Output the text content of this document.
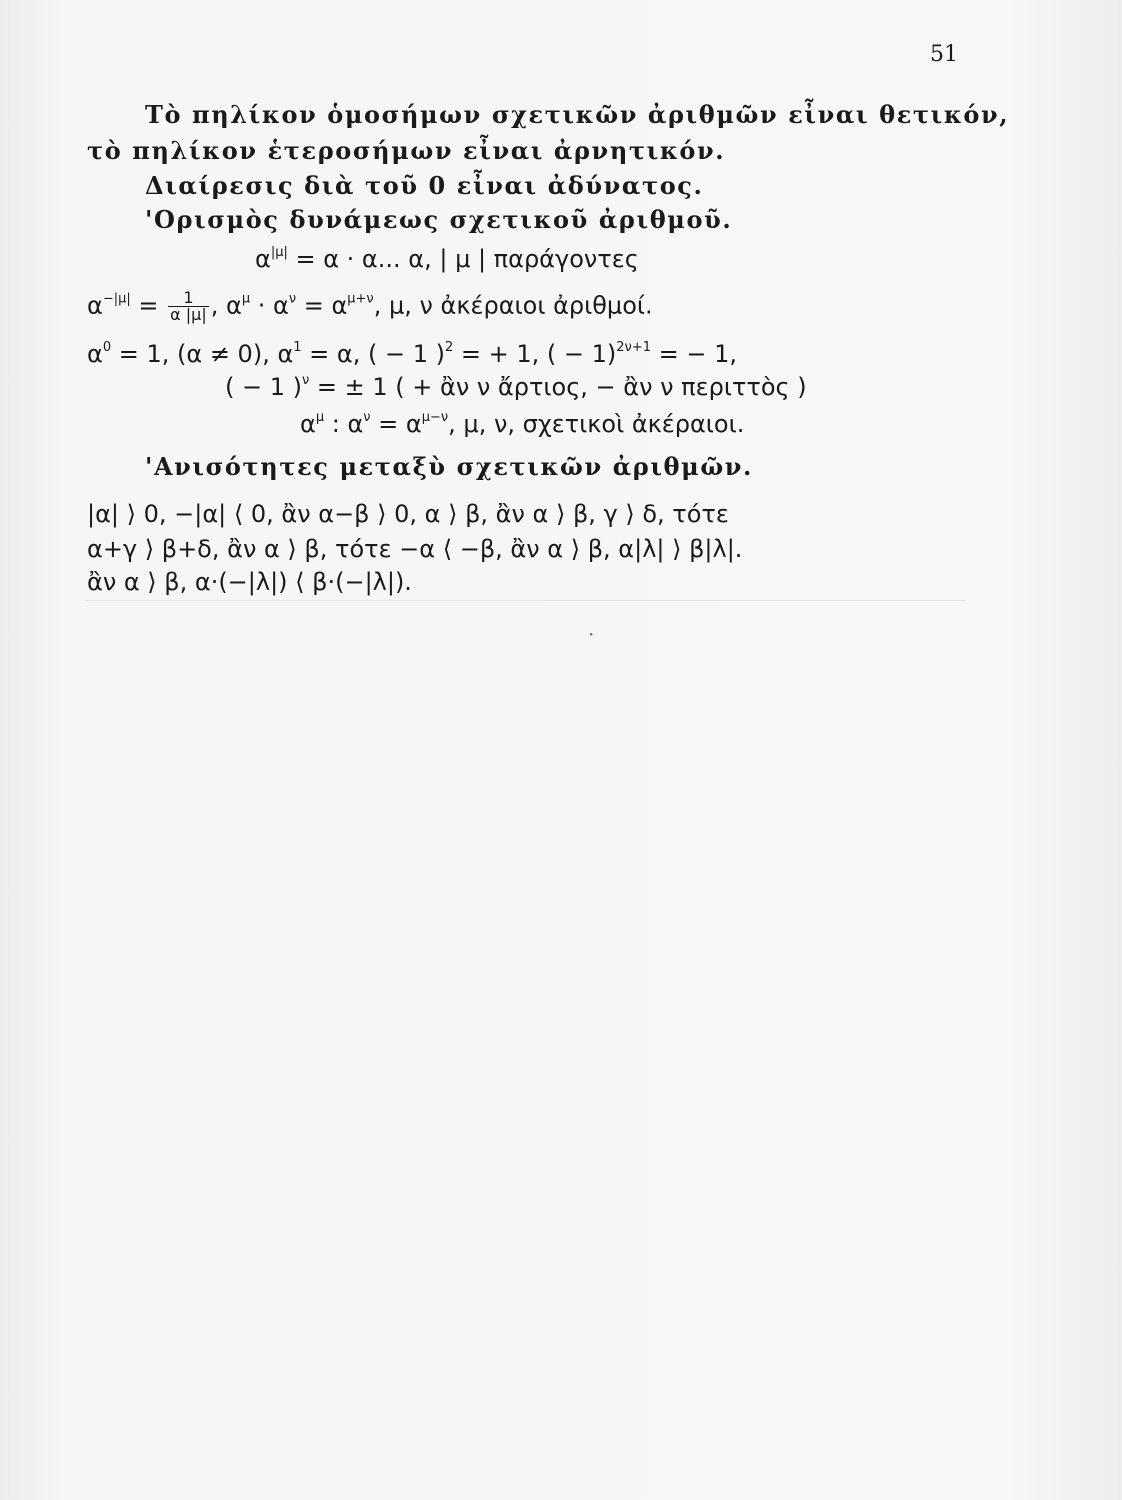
51
Τὸ πηλίκον ὁμοσήμων σχετικῶν ἀριθμῶν εἶναι θετικόν,
τὸ πηλίκον ἑτεροσήμων εἶναι ἀρνητικόν.
Διαίρεσις διὰ τοῦ 0 εἶναι ἀδύνατος.
'Ορισμὸς δυνάμεως σχετικοῦ ἀριθμοῦ.
$\alpha^{|\mu|} = \alpha \cdot \alpha$... α, | μ | παράγοντες
$\alpha^{-|\mu|} = \frac{1}{\alpha |\mu|}$ , $\alpha^\mu \cdot \alpha^\nu = \alpha^{\mu+\nu}$, μ, ν ἀκέραιοι ἀριθμοί.
$\alpha^0 = 1$, (α ≠ 0), $\alpha^1 = \alpha$, ( − 1 )$^2$ = + 1, ( − 1)$^{2\nu+1}$ = − 1,
( − 1 )$^\nu$ = ± 1 ( + ἂν ν ἄρτιος, − ἂν ν περιττὸς )
$\alpha^\mu$ : $\alpha^\nu = \alpha^{\mu-\nu}$, μ, ν, σχετικοὶ ἀκέραιοι.
'Ανισότητες μεταξὺ σχετικῶν ἀριθμῶν.
|α| ⟩ 0, −|α| ⟨ 0, ἂν α−β ⟩ 0, α ⟩ β, ἂν α ⟩ β, γ ⟩ δ, τότε
α+γ ⟩ β+δ, ἂν α ⟩ β, τότε −α ⟨ −β, ἂν α ⟩ β, α|λ| ⟩ β|λ|.
ἂν α ⟩ β, α·(−|λ|) ⟨ β·(−|λ|).
·
